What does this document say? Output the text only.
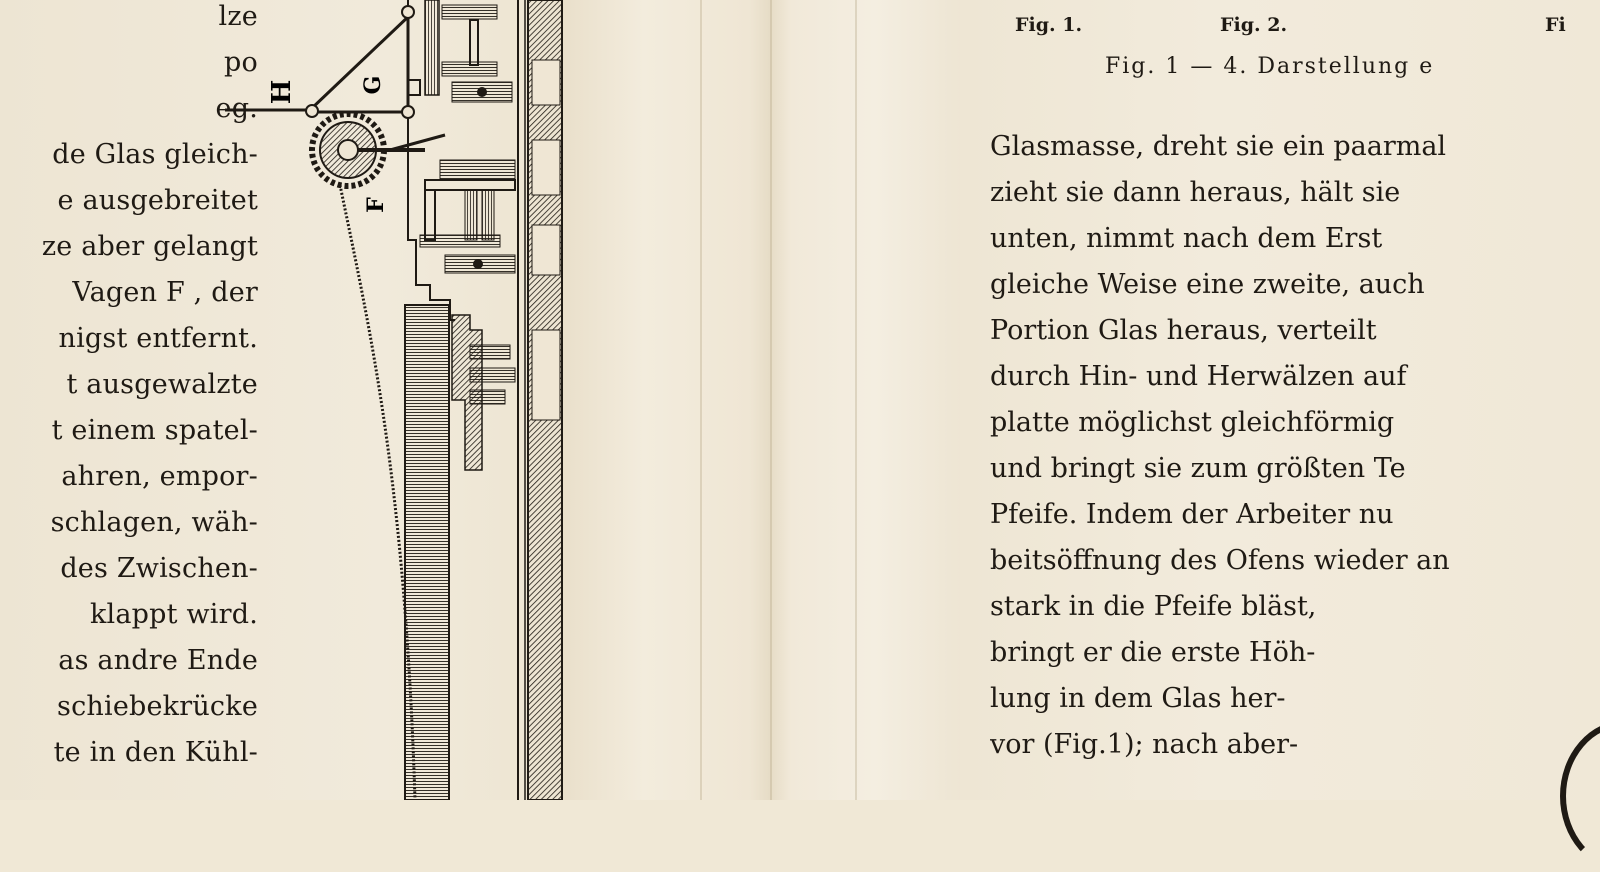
lze
po
eg.
de Glas gleich-
e ausgebreitet
ze aber gelangt
Vagen F , der
nigst entfernt.
t ausgewalzte
t einem spatel-
ahren, empor-
schlagen, wäh-
des Zwischen-
klappt wird.
as andre Ende
schiebekrücke
te in den Kühl-
H	G
F
Fig. 1.	Fig. 2.	Fi
Fig. 1 — 4. Darstellung e
Glasmasse, dreht sie ein paarmal
zieht sie dann heraus, hält sie
unten, nimmt nach dem Erst
gleiche Weise eine zweite, auch
Portion Glas heraus, verteilt
durch Hin- und Herwälzen auf
platte möglichst gleichförmig
und bringt sie zum größten Te
Pfeife. Indem der Arbeiter nu
beitsöffnung des Ofens wieder an
stark in die Pfeife bläst,
bringt er die erste Höh-
lung in dem Glas her-
vor (Fig.1); nach aber-
